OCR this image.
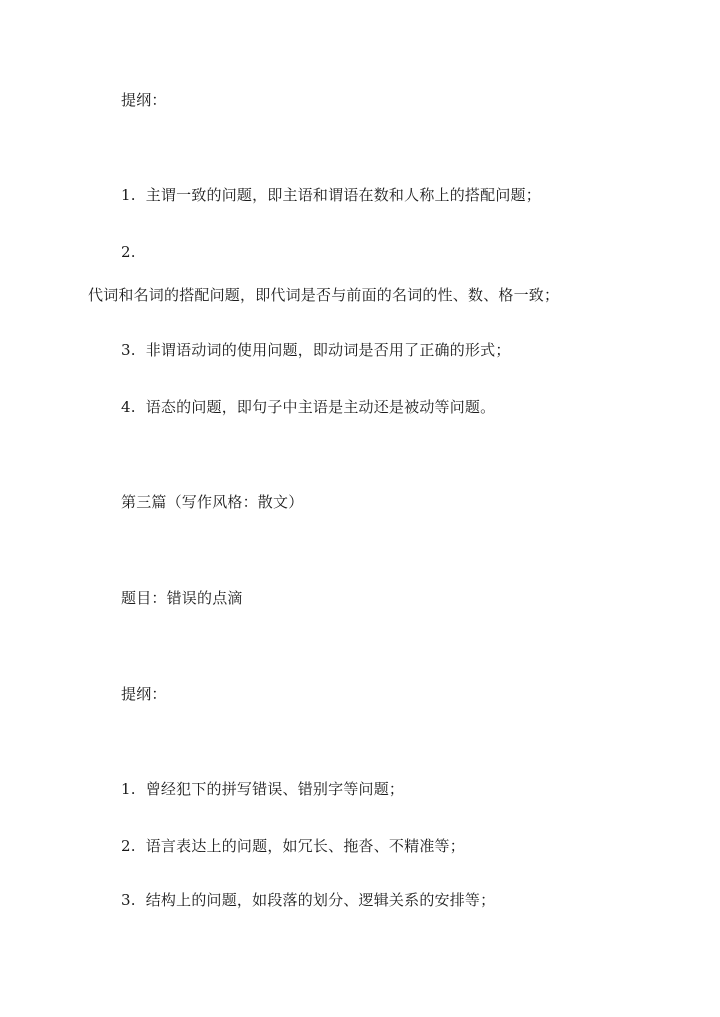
提纲：
1. 主谓一致的问题，即主语和谓语在数和人称上的搭配问题；
2.
代词和名词的搭配问题，即代词是否与前面的名词的性、数、格一致；
3. 非谓语动词的使用问题，即动词是否用了正确的形式；
4. 语态的问题，即句子中主语是主动还是被动等问题。
第三篇（写作风格：散文）
题目：错误的点滴
提纲：
1. 曾经犯下的拼写错误、错别字等问题；
2. 语言表达上的问题，如冗长、拖沓、不精准等；
3. 结构上的问题，如段落的划分、逻辑关系的安排等；
